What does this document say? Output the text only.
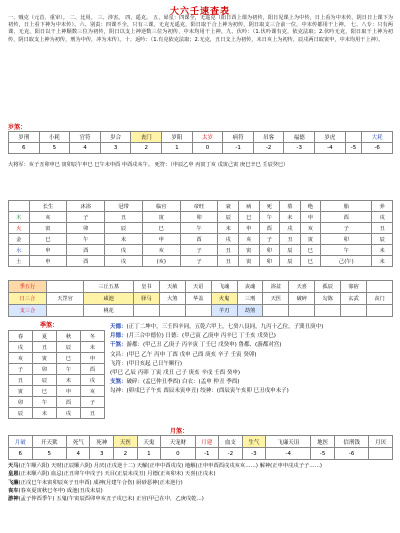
大六壬速查表
一、贼克（元首、重审）。 二、比用。 三、涉害。 四、遥克。 五、昴星：四课全，无遥克（阳日酉上课为初传，阳日见课上为中传，日上看为中末传，阴日日上课下为初传，日上看下神为中末传）。六、别责：四课不全，只有三课，无克无遥克，阳日取干合上神为初传，阴日取支三合前一位，中末传都用干上神。 七、八专：只有两课，无克，阳日以干上神顺数三位为初传，阴日以支上神逆数三位为初传，中末均用干上神。九、伏吟：（1.伏吟课有克，依克法取；2.伏吟无克，阳日取干上神为初传，阴日取支上神为初传，刑为中传，冲为末传）。十、返吟：（1.有克依克法取；2.无克，丑日支上为初传，未日亥上为初传，辰戌两日取寅申，中末均用干上神）。
岁煞：
岁刑	小耗	官符	岁合	丧门	岁阳	太岁	病符	吊客	福德	岁虎		大耗
6	5	4	3	2	1	0	-1	-2	-3	-4	-5	-6
大将军：亥子丑卯申巳 寅卯辰午申巳 巳午未申酉 申酉戌亥午。 死符：（申辰乙申 丙寅丁亥 戊寅己寅 庚巳辛巳 壬辰癸巳）
	长生	沐浴	冠带	临官	帝旺	衰	病	死	墓	绝	胎	养
木	亥	子	丑	寅	卯	辰	巳	午	未	申	酉	戌
火	寅	卯	辰	巳	午	未	申	酉	戌	亥	子	丑
金	巳	午	未	申	酉	戌	亥	子	丑	寅	卯	辰
水	申	酉	戌	亥	子	丑	寅	卯	辰	巳	午	未
土	申	酉	戌	(亥)	子	丑	寅	卯	辰	巳	己(午)	未
季五行		三丘五墓	皇书	天赦	天诏	飞魂	丧魂	浴盆	天喜	孤辰	寡宿	
日三合	天罡官	咸池	驿马	大煞	华盖	火鬼	三刑	天医	破碎	勾陈	玄武	丧门
支三合		桃花				羊刃	劫煞					
季煞：
春	夏	秋	冬
戌	丑	辰	未
亥	寅	巳	申
子	卯	午	酉
丑	辰	未	戌
寅	巳	申	亥
卯	午	酉	子
辰	未	戌	丑
天德：(正丁二坤中，三壬四辛同，五乾六甲上，七癸八艮同，九丙十乙位，子巽丑庚中)
月德：(月三合中德位) 日德：(甲己寅 乙庚申 丙辛巳 丁壬亥 戊癸巳)
干煞：游都：(甲己丑 乙庚子 丙辛寅 丁壬巳 戊癸申) 鲁都、(游都对宫)
文昌：(甲巳 乙午 丙申 丁酉 戊申 己酉 庚亥 辛子 壬寅 癸卯)
飞符：(甲日亥起 己日午顺行)
(甲巳 乙辰 丙卯 丁寅 戊丑 己子 庚亥 辛戌 壬酉 癸申)
支煞：破碎：(孟巳仲丑季酉) 白衣：(孟申 仲丑 季酉)
勾神：(卯戌巳子午亥 酉辰未寅申丑) 绞神：(酉辰寅午亥卯 巳丑戌申未子)
月煞：
月破	开天狱	死气	死神	天医	天鬼	天宠财	月建	血支	生气	飞廉天诅	地医	信刑钱	月厌
6	5	4	3	2	1	0	-1	-2	-3	-4	-5	-6	
天马(正午顺六阳) 天财(正辰顺六阴) 月厌(正戌逆十二) 天解(正申中酉戌戌) 地解(正申申酉酉戌戌亥亥……) 解神(正申申戌戌子子……)
皇恩(正未顺六阴) 血忌(正丑卯午申戌子) 天目(正辰未戌丑) 月德(正亥卯未) 天喜(正戌未)
飞廉(正戌巳午未寅卯辰亥子丑申酉) 成神(月建午合伤) 厨砂恶神(正未逆行)
丧车(春亥夏寅秋巳冬申) 成池(丑戌未辰)
游神(孟子仲酉季午) 五鬼(午寅辰酉卯申亥丑子戌巳未) 正官(甲己在中，乙庚戌乾…)
